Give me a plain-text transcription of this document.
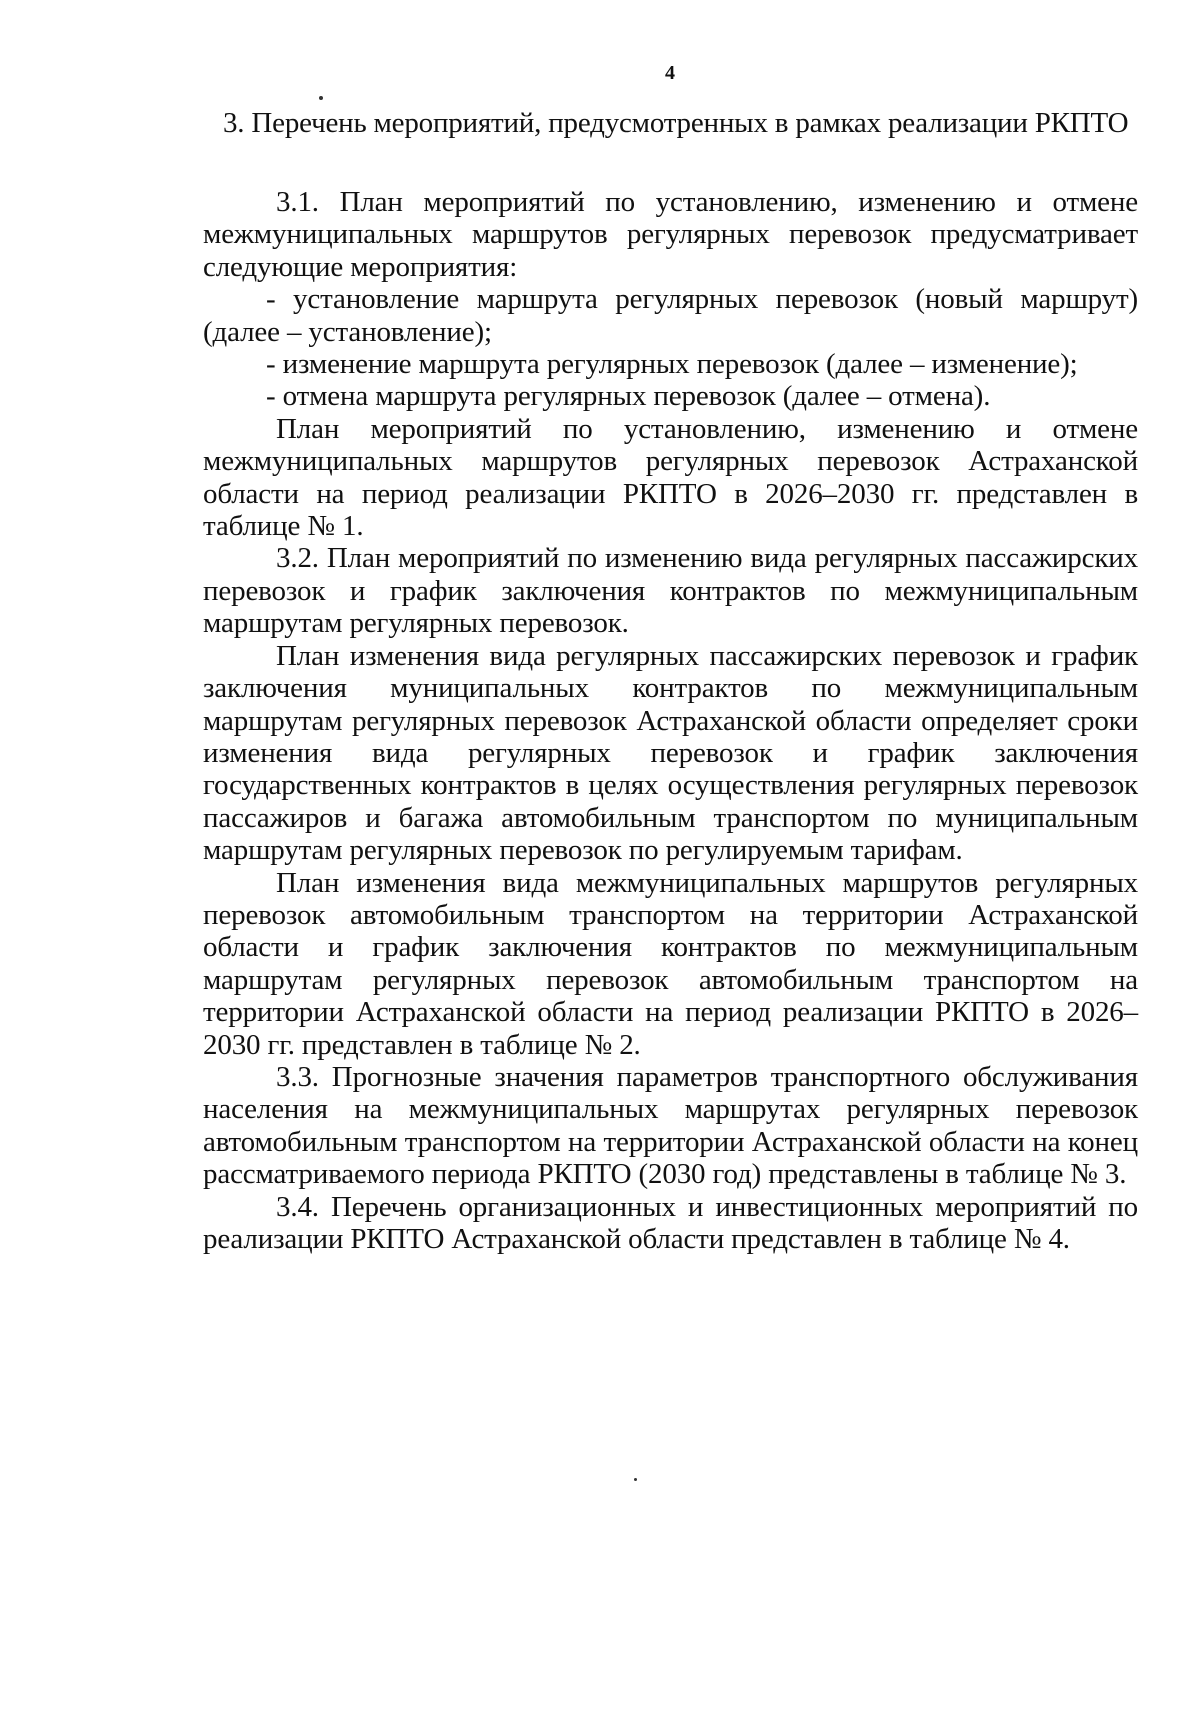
4
3. Перечень мероприятий, предусмотренных в рамках реализации РКПТО

3.1. План мероприятий по установлению, изменению и отмене межмуниципальных маршрутов регулярных перевозок предусматривает следующие мероприятия:

- установление маршрута регулярных перевозок (новый маршрут) (далее – установление);

- изменение маршрута регулярных перевозок (далее – изменение);

- отмена маршрута регулярных перевозок (далее – отмена).

План мероприятий по установлению, изменению и отмене межмуниципальных маршрутов регулярных перевозок Астраханской области на период реализации РКПТО в 2026–2030 гг. представлен в таблице № 1.

3.2. План мероприятий по изменению вида регулярных пассажирских перевозок и график заключения контрактов по межмуниципальным маршрутам регулярных перевозок.

План изменения вида регулярных пассажирских перевозок и график заключения муниципальных контрактов по межмуниципальным маршрутам регулярных перевозок Астраханской области определяет сроки изменения вида регулярных перевозок и график заключения государственных контрактов в целях осуществления регулярных перевозок пассажиров и багажа автомобильным транспортом по муниципальным маршрутам регулярных перевозок по регулируемым тарифам.

План изменения вида межмуниципальных маршрутов регулярных перевозок автомобильным транспортом на территории Астраханской области и график заключения контрактов по межмуниципальным маршрутам регулярных перевозок автомобильным транспортом на территории Астраханской области на период реализации РКПТО в 2026–2030 гг. представлен в таблице № 2.

3.3. Прогнозные значения параметров транспортного обслуживания населения на межмуниципальных маршрутах регулярных перевозок автомобильным транспортом на территории Астраханской области на конец рассматриваемого периода РКПТО (2030 год) представлены в таблице № 3.

3.4. Перечень организационных и инвестиционных мероприятий по реализации РКПТО Астраханской области представлен в таблице № 4.
